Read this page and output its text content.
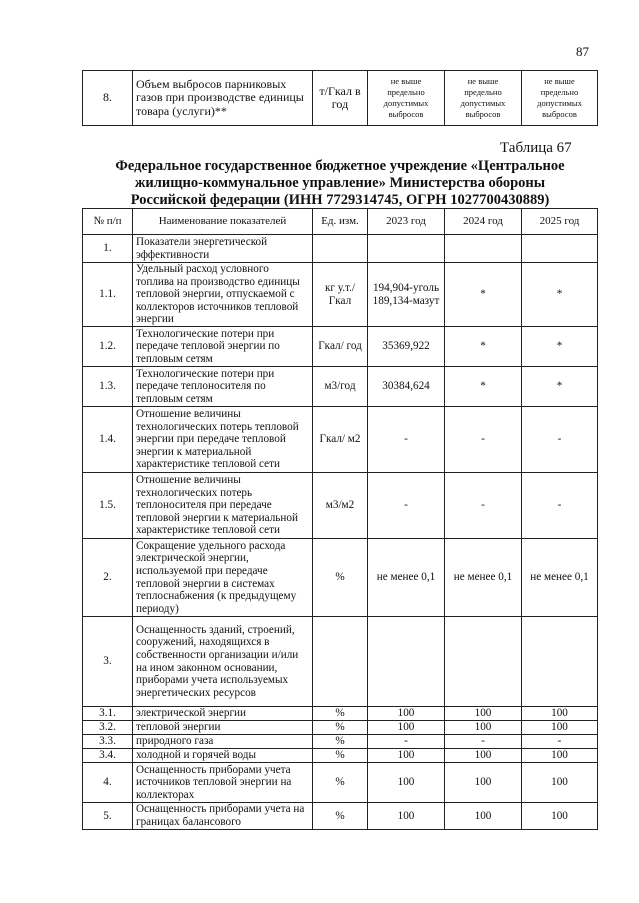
87
8.	Объем выбросов парниковых газов при производстве единицы товара (услуги)**	т/Гкал в год	не выше предельно допустимых выбросов	не выше предельно допустимых выбросов	не выше предельно допустимых выбросов
Таблица 67
Федеральное государственное бюджетное учреждение «Центральное жилищно-коммунальное управление» Министерства обороны Российской федерации (ИНН 7729314745, ОГРН 1027700430889)
№ п/п	Наименование показателей	Ед. изм.	2023 год	2024 год	2025 год
1.	Показатели энергетической эффективности				
1.1.	Удельный расход условного топлива на производство единицы тепловой энергии, отпускаемой с коллекторов источников тепловой энергии	кг у.т./ Гкал	194,904-уголь 189,134-мазут	*	*
1.2.	Технологические потери при передаче тепловой энергии по тепловым сетям	Гкал/ год	35369,922	*	*
1.3.	Технологические потери при передаче теплоносителя по тепловым сетям	м3/год	30384,624	*	*
1.4.	Отношение величины технологических потерь тепловой энергии при передаче тепловой энергии к материальной характеристике тепловой сети	Гкал/ м2	-	-	-
1.5.	Отношение величины технологических потерь теплоносителя при передаче тепловой энергии к материальной характеристике тепловой сети	м3/м2	-	-	-
2.	Сокращение удельного расхода электрической энергии, используемой при передаче тепловой энергии в системах теплоснабжения (к предыдущему периоду)	%	не менее 0,1	не менее 0,1	не менее 0,1
3.	Оснащенность зданий, строений, сооружений, находящихся в собственности организации и/или на ином законном основании, приборами учета используемых энергетических ресурсов				
3.1.	электрической энергии	%	100	100	100
3.2.	тепловой энергии	%	100	100	100
3.3.	природного газа	%	-	-	-
3.4.	холодной и горячей воды	%	100	100	100
4.	Оснащенность приборами учета источников тепловой энергии на коллекторах	%	100	100	100
5.	Оснащенность приборами учета на границах балансового	%	100	100	100
